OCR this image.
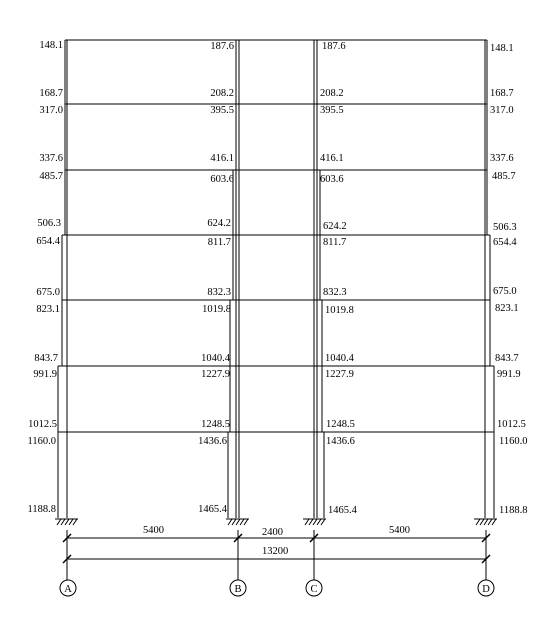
5400	2400	5400
13200
A	B	C	D
148.1
168.7
317.0
337.6
485.7
506.3
654.4
675.0
823.1
843.7
991.9
1012.5
1160.0
1188.8
187.6
208.2
395.5
416.1
603.6
624.2
811.7
832.3
1019.8
1040.4
1227.9
1248.5
1436.6
1465.4
187.6
208.2
395.5
416.1
603.6
624.2
811.7
832.3
1019.8
1040.4
1227.9
1248.5
1436.6
1465.4
148.1
168.7
317.0
337.6
485.7
506.3
654.4
675.0
823.1
843.7
991.9
1012.5
1160.0
1188.8
